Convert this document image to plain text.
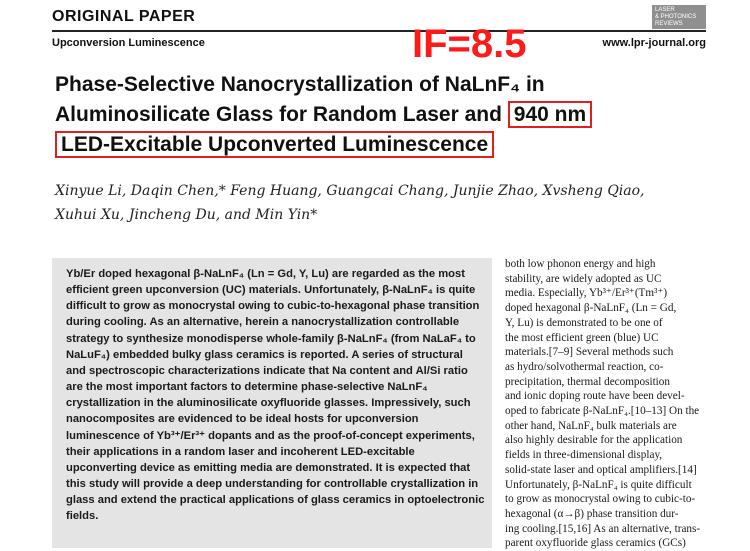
ORIGINAL PAPER	LASER
& PHOTONICS
REVIEWS
Upconversion Luminescence	www.lpr-journal.org
IF=8.5
Phase-Selective Nanocrystallization of NaLnF₄ in
Aluminosilicate Glass for Random Laser and 940 nm
LED-Excitable Upconverted Luminescence
Xinyue Li, Daqin Chen,* Feng Huang, Guangcai Chang, Junjie Zhao, Xvsheng Qiao,
Xuhui Xu, Jincheng Du, and Min Yin*
Yb/Er doped hexagonal β-NaLnF₄ (Ln = Gd, Y, Lu) are regarded as the most
efficient green upconversion (UC) materials. Unfortunately, β-NaLnF₄ is quite
difficult to grow as monocrystal owing to cubic-to-hexagonal phase transition
during cooling. As an alternative, herein a nanocrystallization controllable
strategy to synthesize monodisperse whole-family β-NaLnF₄ (from NaLaF₄ to
NaLuF₄) embedded bulky glass ceramics is reported. A series of structural
and spectroscopic characterizations indicate that Na content and Al/Si ratio
are the most important factors to determine phase-selective NaLnF₄
crystallization in the aluminosilicate oxyfluoride glasses. Impressively, such
nanocomposites are evidenced to be ideal hosts for upconversion
luminescence of Yb³⁺/Er³⁺ dopants and as the proof-of-concept experiments,
their applications in a random laser and incoherent LED-excitable
upconverting device as emitting media are demonstrated. It is expected that
this study will provide a deep understanding for controllable crystallization in
glass and extend the practical applications of glass ceramics in optoelectronic
fields.
both low phonon energy and high
stability, are widely adopted as UC
media. Especially, Yb³⁺/Er³⁺(Tm³⁺)
doped hexagonal β-NaLnF₄ (Ln = Gd,
Y, Lu) is demonstrated to be one of
the most efficient green (blue) UC
materials.[7–9] Several methods such
as hydro/solvothermal reaction, co-
precipitation, thermal decomposition
and ionic doping route have been devel-
oped to fabricate β-NaLnF₄.[10–13] On the
other hand, NaLnF₄ bulk materials are
also highly desirable for the application
fields in three-dimensional display,
solid-state laser and optical amplifiers.[14]
Unfortunately, β-NaLnF₄ is quite difficult
to grow as monocrystal owing to cubic-to-
hexagonal (α→β) phase transition dur-
ing cooling.[15,16] As an alternative, trans-
parent oxyfluoride glass ceramics (GCs)
